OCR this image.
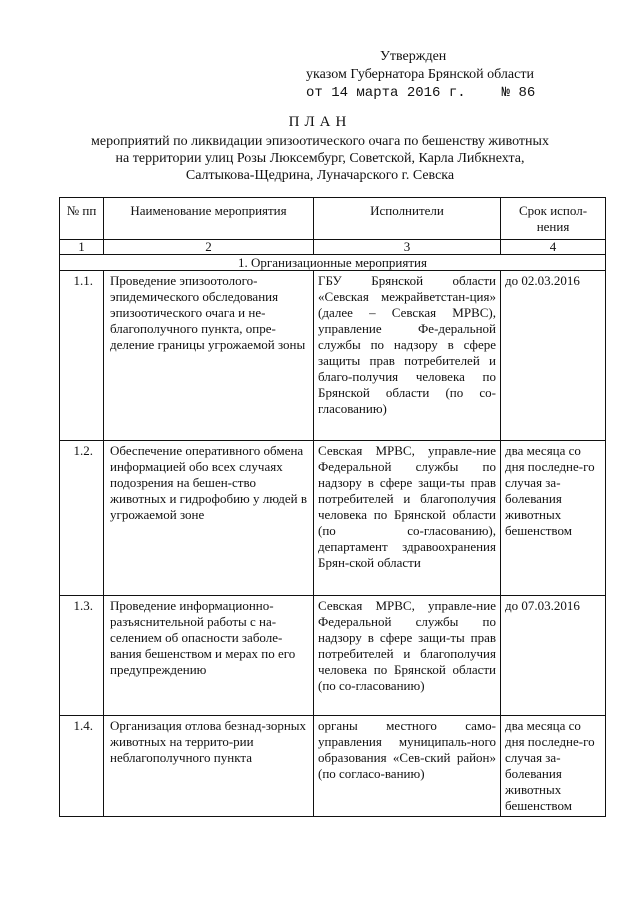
Утвержден
указом Губернатора Брянской области
от 14 марта 2016 г.	№ 86
ПЛАН
мероприятий по ликвидации эпизоотического очага по бешенству животных
на территории улиц Розы Люксембург, Советской, Карла Либкнехта,
Салтыкова-Щедрина, Луначарского г. Севска
№ пп	Наименование мероприятия	Исполнители	Срок испол-нения
1	2	3	4
1. Организационные мероприятия			
1.1.	Проведение эпизоотолого-эпидемического обследования эпизоотического очага и не-благополучного пункта, опре-деление границы угрожаемой зоны	ГБУ Брянской области «Севская межрайветстан-ция» (далее – Севская МРВС), управление Фе-деральной службы по надзору в сфере защиты прав потребителей и благо-получия человека по Брянской области (по со-гласованию)	до 02.03.2016
1.2.	Обеспечение оперативного обмена информацией обо всех случаях подозрения на бешен-ство животных и гидрофобию у людей в угрожаемой зоне	Севская МРВС, управле-ние Федеральной службы по надзору в сфере защи-ты прав потребителей и благополучия человека по Брянской области (по со-гласованию), департамент здравоохранения Брян-ской области	два месяца со дня последне-го случая за-болевания животных бешенством
1.3.	Проведение информационно-разъяснительной работы с на-селением об опасности заболе-вания бешенством и мерах по его предупреждению	Севская МРВС, управле-ние Федеральной службы по надзору в сфере защи-ты прав потребителей и благополучия человека по Брянской области (по со-гласованию)	до 07.03.2016
1.4.	Организация отлова безнад-зорных животных на террито-рии неблагополучного пункта	органы местного само-управления муниципаль-ного образования «Сев-ский район» (по согласо-ванию)	два месяца со дня последне-го случая за-болевания животных бешенством
